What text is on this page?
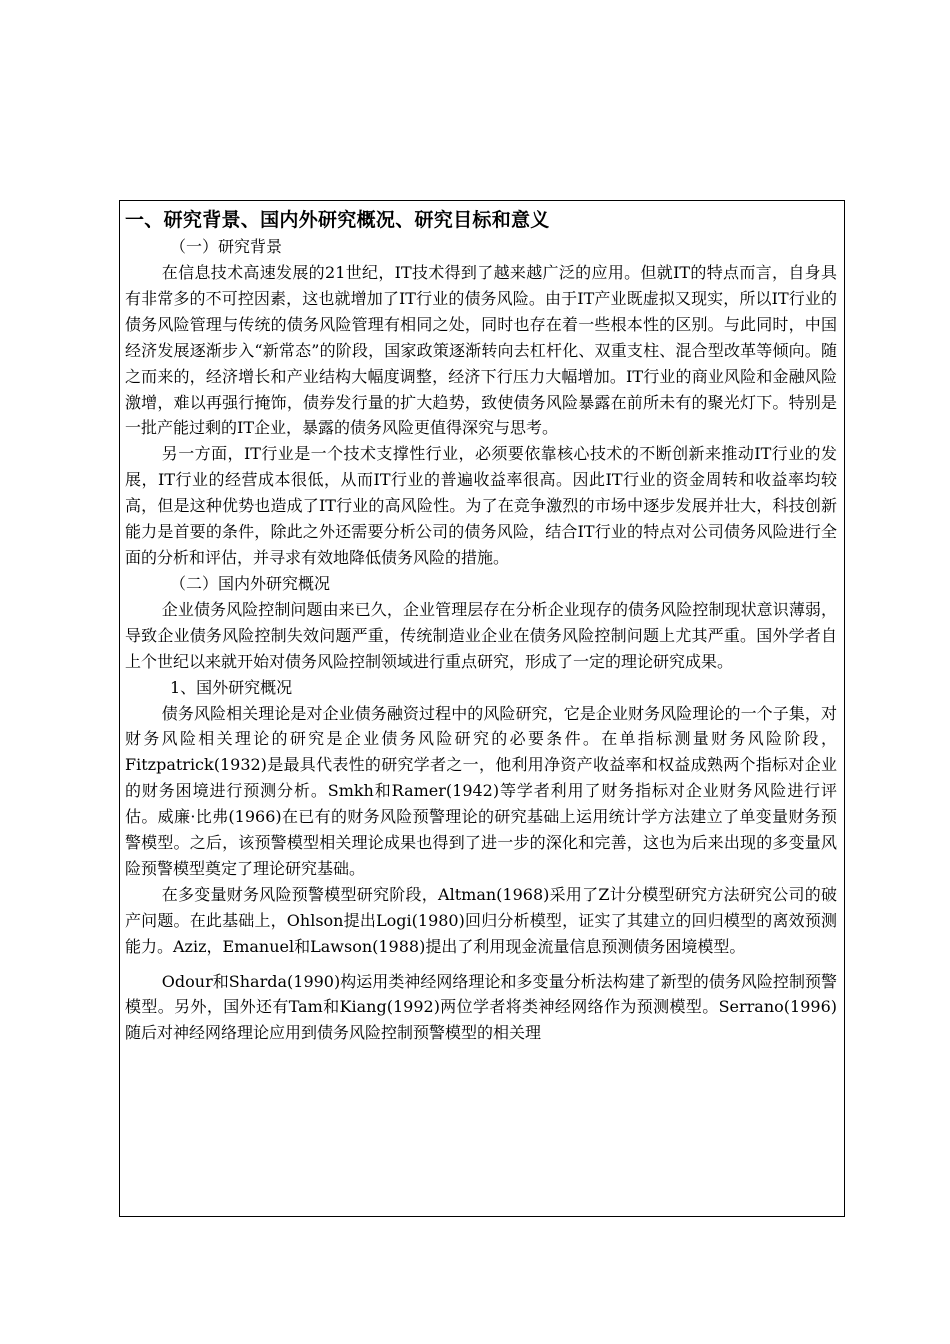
一、研究背景、国内外研究概况、研究目标和意义
（一）研究背景

在信息技术高速发展的21世纪，IT技术得到了越来越广泛的应用。但就IT的特点而言，自身具有非常多的不可控因素，这也就增加了IT行业的债务风险。由于IT产业既虚拟又现实，所以IT行业的债务风险管理与传统的债务风险管理有相同之处，同时也存在着一些根本性的区别。与此同时，中国经济发展逐渐步入“新常态”的阶段，国家政策逐渐转向去杠杆化、双重支柱、混合型改革等倾向。随之而来的，经济增长和产业结构大幅度调整，经济下行压力大幅增加。IT行业的商业风险和金融风险激增，难以再强行掩饰，债券发行量的扩大趋势，致使债务风险暴露在前所未有的聚光灯下。特别是一批产能过剩的IT企业，暴露的债务风险更值得深究与思考。

另一方面，IT行业是一个技术支撑性行业，必须要依靠核心技术的不断创新来推动IT行业的发展，IT行业的经营成本很低，从而IT行业的普遍收益率很高。因此IT行业的资金周转和收益率均较高，但是这种优势也造成了IT行业的高风险性。为了在竞争激烈的市场中逐步发展并壮大，科技创新能力是首要的条件，除此之外还需要分析公司的债务风险，结合IT行业的特点对公司债务风险进行全面的分析和评估，并寻求有效地降低债务风险的措施。

（二）国内外研究概况

企业债务风险控制问题由来已久，企业管理层存在分析企业现存的债务风险控制现状意识薄弱，导致企业债务风险控制失效问题严重，传统制造业企业在债务风险控制问题上尤其严重。国外学者自上个世纪以来就开始对债务风险控制领域进行重点研究，形成了一定的理论研究成果。

1、国外研究概况

债务风险相关理论是对企业债务融资过程中的风险研究，它是企业财务风险理论的一个子集，对财务风险相关理论的研究是企业债务风险研究的必要条件。在单指标测量财务风险阶段，Fitzpatrick(1932)是最具代表性的研究学者之一，他利用净资产收益率和权益成熟两个指标对企业的财务困境进行预测分析。Smkh和Ramer(1942)等学者利用了财务指标对企业财务风险进行评估。威廉·比弗(1966)在已有的财务风险预警理论的研究基础上运用统计学方法建立了单变量财务预警模型。之后，该预警模型相关理论成果也得到了进一步的深化和完善，这也为后来出现的多变量风险预警模型奠定了理论研究基础。

在多变量财务风险预警模型研究阶段，Altman(1968)采用了Z计分模型研究方法研究公司的破产问题。在此基础上，Ohlson提出Logi(1980)回归分析模型，证实了其建立的回归模型的离效预测能力。Aziz，Emanuel和Lawson(1988)提出了利用现金流量信息预测债务困境模型。

Odour和Sharda(1990)构运用类神经网络理论和多变量分析法构建了新型的债务风险控制预警模型。另外，国外还有Tam和Kiang(1992)两位学者将类神经网络作为预测模型。Serrano(1996)随后对神经网络理论应用到债务风险控制预警模型的相关理
